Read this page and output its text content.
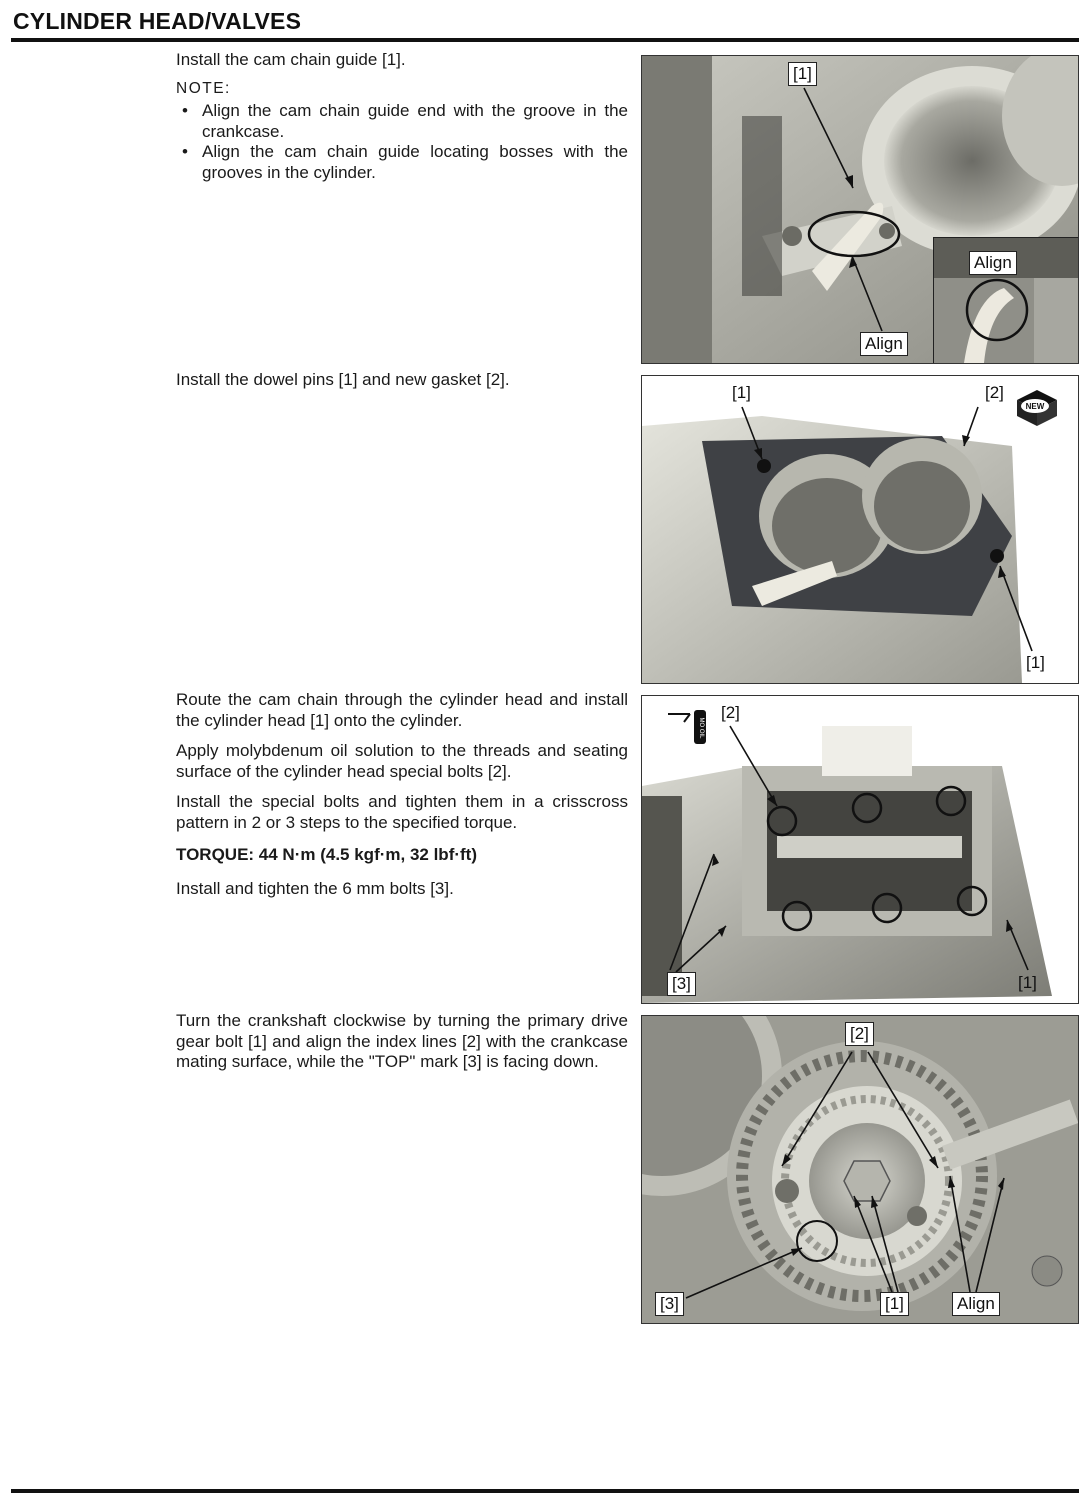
CYLINDER HEAD/VALVES

Install the cam chain guide [1].

NOTE:
• Align the cam chain guide end with the groove in the crankcase.
• Align the cam chain guide locating bosses with the grooves in the cylinder.
[1]
Align
Align

Install the dowel pins [1] and new gasket [2].

NEW
[1]	[2]
[1]

Route the cam chain through the cylinder head and install the cylinder head [1] onto the cylinder.

Apply molybdenum oil solution to the threads and seating surface of the cylinder head special bolts [2].

Install the special bolts and tighten them in a crisscross pattern in 2 or 3 steps to the specified torque.

TORQUE: 44 N·m (4.5 kgf·m, 32 lbf·ft)

Install and tighten the 6 mm bolts [3].

MO OIL
[2]
[3]	[1]

Turn the crankshaft clockwise by turning the primary drive gear bolt [1] and align the index lines [2] with the crankcase mating surface, while the "TOP" mark [3] is facing down.

[2]
[3]	[1]	Align
